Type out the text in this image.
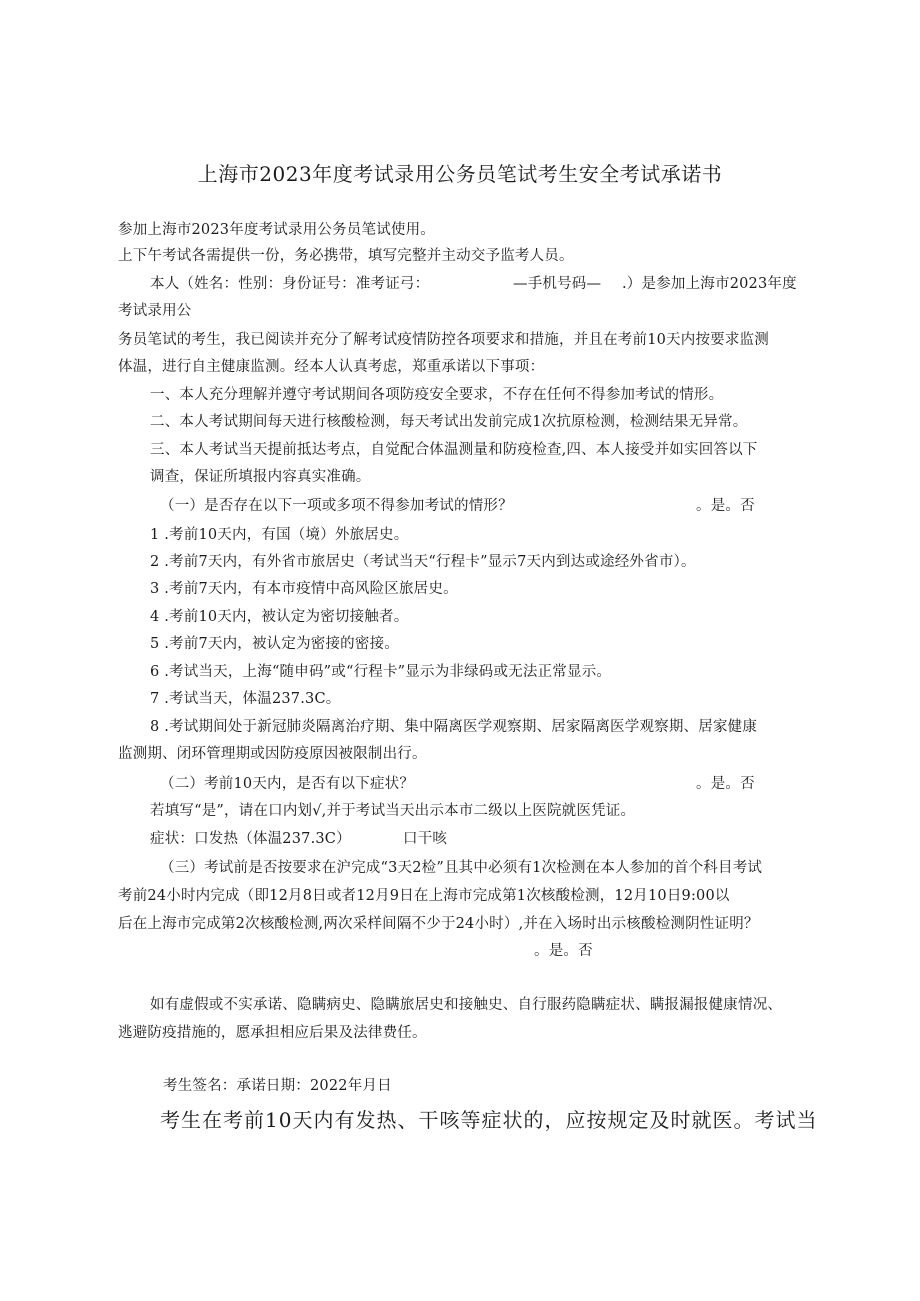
上海市2023年度考试录用公务员笔试考生安全考试承诺书
参加上海市2023年度考试录用公务员笔试使用。
上下午考试各需提供一份，务必携带，填写完整并主动交予监考人员。
本人（姓名：性别：身份证号：准考证弓：	—手机号码— .）是参加上海市2023年度
考试录用公
务员笔试的考生，我已阅读并充分了解考试疫情防控各项要求和措施，并且在考前10天内按要求监测
体温，进行自主健康监测。经本人认真考虑，郑重承诺以下事项：
一、本人充分理解并遵守考试期间各项防疫安全要求，不存在任何不得参加考试的情形。
二、本人考试期间每天进行核酸检测，每天考试出发前完成1次抗原检测，检测结果无异常。
三、本人考试当天提前抵达考点，自觉配合体温测量和防疫检查,四、本人接受并如实回答以下
调查，保证所填报内容真实准确。
（一）是否存在以下一项或多项不得参加考试的情形？	。是。否
1 .考前10天内，有国（境）外旅居史。
2 .考前7天内，有外省市旅居史（考试当天“行程卡”显示7天内到达或途经外省市）。
3 .考前7天内，有本市疫情中高风险区旅居史。
4 .考前10天内，被认定为密切接触者。
5 .考前7天内，被认定为密接的密接。
6 .考试当天，上海“随申码”或“行程卡”显示为非绿码或无法正常显示。
7 .考试当天，体温237.3C。
8 .考试期间处于新冠肺炎隔离治疗期、集中隔离医学观察期、居家隔离医学观察期、居家健康
监测期、闭环管理期或因防疫原因被限制出行。
（二）考前10天内，是否有以下症状？	。是。否
若填写“是”，请在口内划√,并于考试当天出示本市二级以上医院就医凭证。
症状：口发热（体温237.3C）	口干咳
（三）考试前是否按要求在沪完成“3天2检”且其中必须有1次检测在本人参加的首个科目考试
考前24小时内完成（即12月8日或者12月9日在上海市完成第1次核酸检测，12月10日9:00以
后在上海市完成第2次核酸检测,两次采样间隔不少于24小时）,并在入场时出示核酸检测阴性证明？
。是。否
如有虚假或不实承诺、隐瞒病史、隐瞒旅居史和接触史、自行服药隐瞒症状、瞒报漏报健康情况、
逃避防疫措施的，愿承担相应后果及法律费任。
考生签名：承诺日期：2022年月日
考生在考前10天内有发热、干咳等症状的，应按规定及时就医。考试当
